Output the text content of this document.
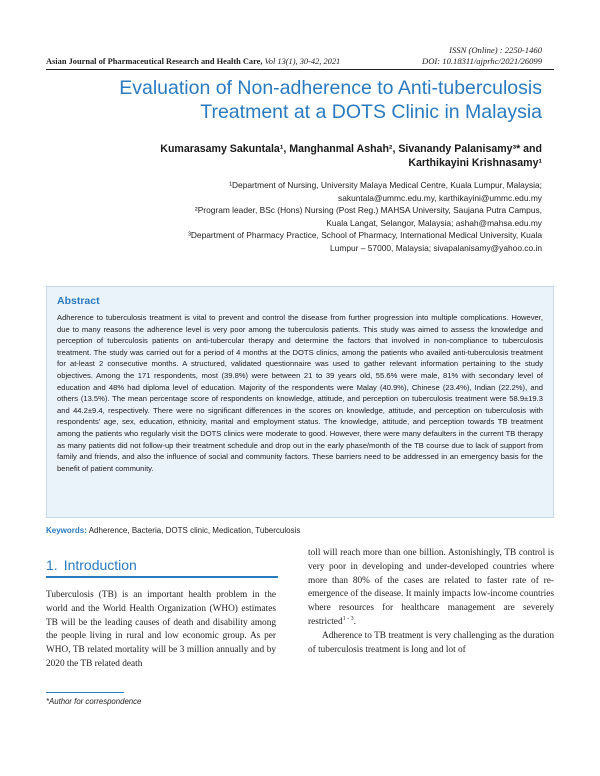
ISSN (Online) : 2250-1460
DOI: 10.18311/ajprhc/2021/26099
Asian Journal of Pharmaceutical Research and Health Care, Vol 13(1), 30-42, 2021
Evaluation of Non-adherence to Anti-tuberculosis
Treatment at a DOTS Clinic in Malaysia
Kumarasamy Sakuntala¹, Manghanmal Ashah², Sivanandy Palanisamy³* and
Karthikayini Krishnasamy¹
¹Department of Nursing, University Malaya Medical Centre, Kuala Lumpur, Malaysia;
sakuntala@ummc.edu.my, karthikayini@ummc.edu.my
²Program leader, BSc (Hons) Nursing (Post Reg.) MAHSA University, Saujana Putra Campus,
Kuala Langat, Selangor, Malaysia; ashah@mahsa.edu.my
³Department of Pharmacy Practice, School of Pharmacy, International Medical University, Kuala
Lumpur – 57000, Malaysia; sivapalanisamy@yahoo.co.in
Abstract
Adherence to tuberculosis treatment is vital to prevent and control the disease from further progression into multiple complications. However, due to many reasons the adherence level is very poor among the tuberculosis patients. This study was aimed to assess the knowledge and perception of tuberculosis patients on anti-tubercular therapy and determine the factors that involved in non-compliance to tuberculosis treatment. The study was carried out for a period of 4 months at the DOTS clinics, among the patients who availed anti-tuberculosis treatment for at-least 2 consecutive months. A structured, validated questionnaire was used to gather relevant information pertaining to the study objectives. Among the 171 respondents, most (39.8%) were between 21 to 39 years old, 55.6% were male, 81% with secondary level of education and 48% had diploma level of education. Majority of the respondents were Malay (40.9%), Chinese (23.4%), Indian (22.2%), and others (13.5%). The mean percentage score of respondents on knowledge, attitude, and perception on tuberculosis treatment were 58.9±19.3 and 44.2±9.4, respectively. There were no significant differences in the scores on knowledge, attitude, and perception on tuberculosis with respondents' age, sex, education, ethnicity, marital and employment status. The knowledge, attitude, and perception towards TB treatment among the patients who regularly visit the DOTS clinics were moderate to good. However, there were many defaulters in the current TB therapy as many patients did not follow-up their treatment schedule and drop out in the early phase/month of the TB course due to lack of support from family and friends, and also the influence of social and community factors. These barriers need to be addressed in an emergency basis for the benefit of patient community.
Keywords: Adherence, Bacteria, DOTS clinic, Medication, Tuberculosis
1. Introduction

Tuberculosis (TB) is an important health problem in the world and the World Health Organization (WHO) estimates TB will be the leading causes of death and disability among the people living in rural and low economic group. As per WHO, TB related mortality will be 3 million annually and by 2020 the TB related death

toll will reach more than one billion. Astonishingly, TB control is very poor in developing and under-developed countries where more than 80% of the cases are related to faster rate of re-emergence of the disease. It mainly impacts low-income countries where resources for healthcare management are severely restricted$^{1 - 3}$.

Adherence to TB treatment is very challenging as the duration of tuberculosis treatment is long and lot of

*Author for correspondence
